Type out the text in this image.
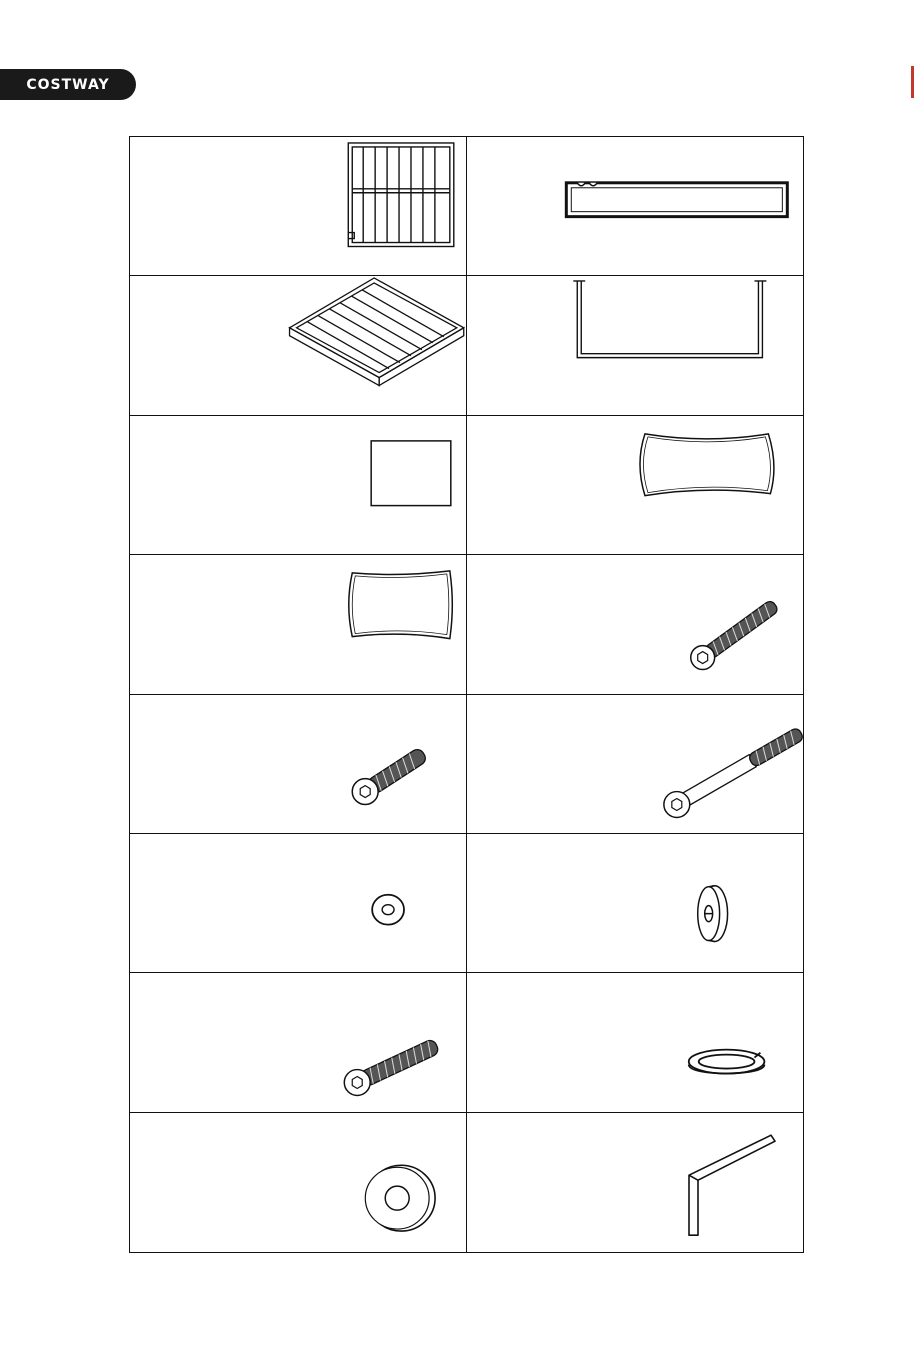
COSTWAY
